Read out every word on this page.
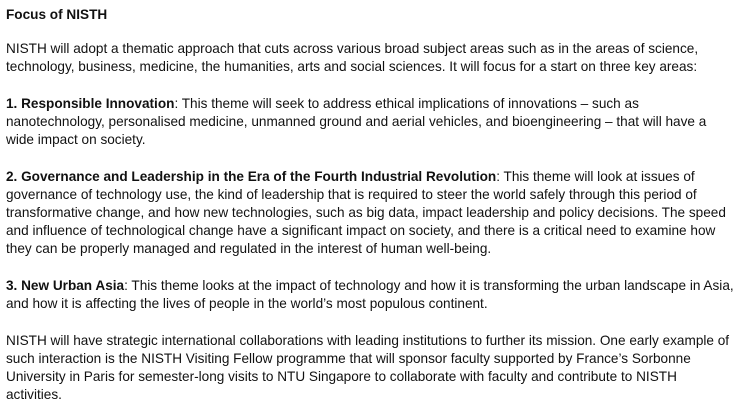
Focus of NISTH

NISTH will adopt a thematic approach that cuts across various broad subject areas such as in the areas of science, technology, business, medicine, the humanities, arts and social sciences. It will focus for a start on three key areas:

1. Responsible Innovation: This theme will seek to address ethical implications of innovations – such as nanotechnology, personalised medicine, unmanned ground and aerial vehicles, and bioengineering – that will have a wide impact on society.

2. Governance and Leadership in the Era of the Fourth Industrial Revolution: This theme will look at issues of governance of technology use, the kind of leadership that is required to steer the world safely through this period of transformative change, and how new technologies, such as big data, impact leadership and policy decisions. The speed and influence of technological change have a significant impact on society, and there is a critical need to examine how they can be properly managed and regulated in the interest of human well-being.

3. New Urban Asia: This theme looks at the impact of technology and how it is transforming the urban landscape in Asia, and how it is affecting the lives of people in the world’s most populous continent.

NISTH will have strategic international collaborations with leading institutions to further its mission. One early example of such interaction is the NISTH Visiting Fellow programme that will sponsor faculty supported by France’s Sorbonne University in Paris for semester-long visits to NTU Singapore to collaborate with faculty and contribute to NISTH activities.
